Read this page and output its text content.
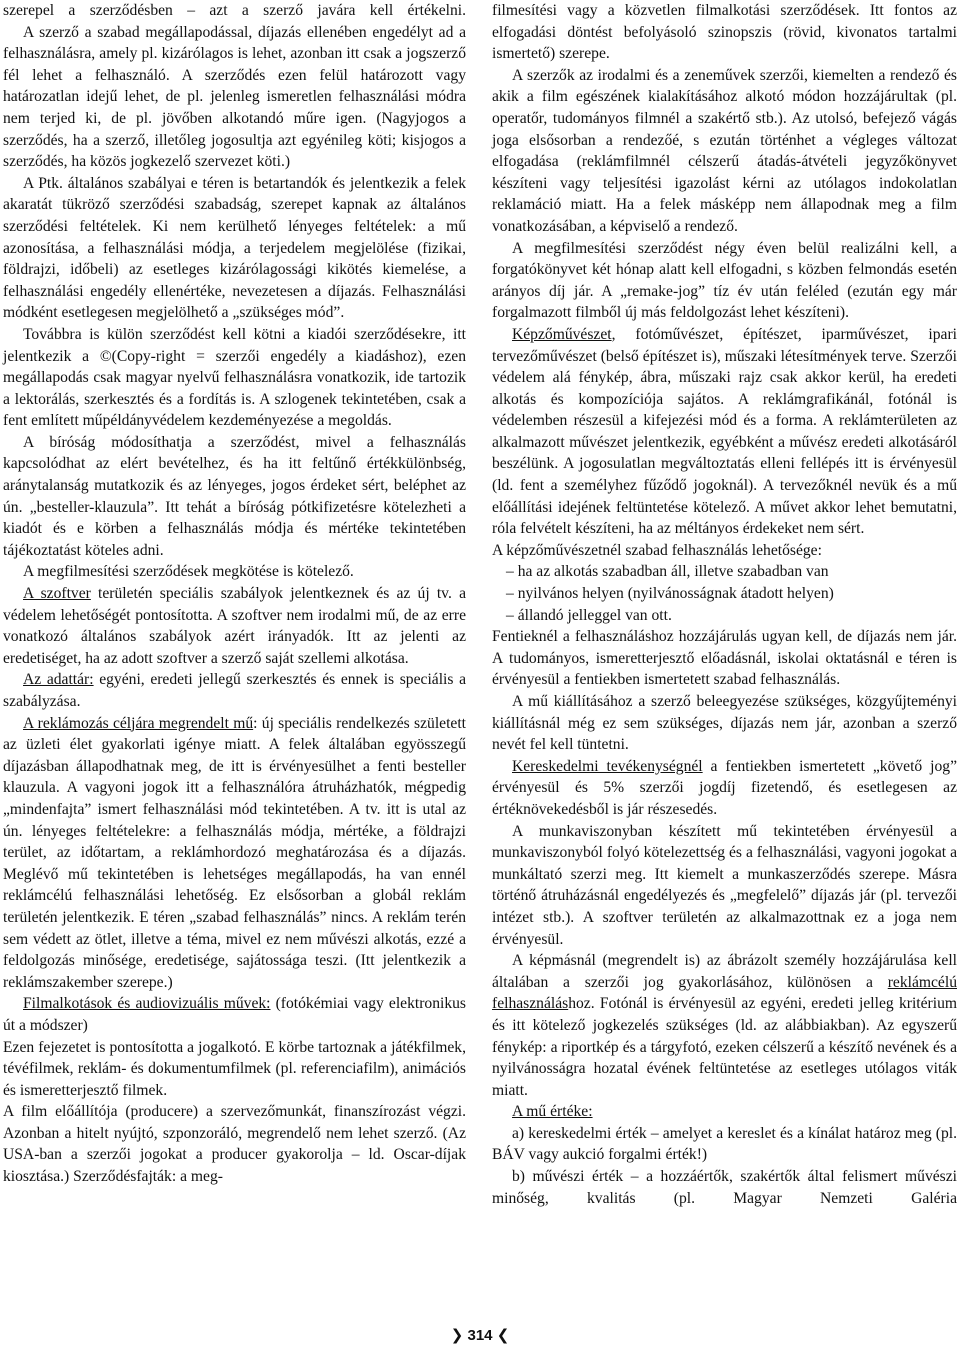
szerepel a szerződésben – azt a szerző javára kell értékelni.

A szerző a szabad megállapodással, díjazás ellenében engedélyt ad a felhasználásra, amely pl. kizárólagos is lehet, azonban itt csak a jogszerző fél lehet a felhasználó. A szerződés ezen felül határozott vagy határozatlan idejű lehet, de pl. jelenleg ismeretlen felhasználási módra nem terjed ki, de pl. jövőben alkotandó műre igen. (Nagyjogos a szerződés, ha a szerző, illetőleg jogosultja azt egyénileg köti; kisjogos a szerződés, ha közös jogkezelő szervezet köti.)

A Ptk. általános szabályai e téren is betartandók és jelentkezik a felek akaratát tükröző szerződési szabadság, szerepet kapnak az általános szerződési feltételek. Ki nem kerülhető lényeges feltételek: a mű azonosítása, a felhasználási módja, a terjedelem megjelölése (fizikai, földrajzi, időbeli) az esetleges kizárólagossági kikötés kiemelése, a felhasználási engedély ellenértéke, nevezetesen a díjazás. Felhasználási módként esetlegesen megjelölhető a „szükséges mód”.

Továbbra is külön szerződést kell kötni a kiadói szerződésekre, itt jelentkezik a ©(Copy-right = szerzői engedély a kiadáshoz), ezen megállapodás csak magyar nyelvű felhasználásra vonatkozik, ide tartozik a lektorálás, szerkesztés és a fordítás is. A szlogenek tekintetében, csak a fent említett műpéldányvédelem kezdeményezése a megoldás.

A bíróság módosíthatja a szerződést, mivel a felhasználás kapcsolódhat az elért bevételhez, és ha itt feltűnő értékkülönbség, aránytalanság mutatkozik és az lényeges, jogos érdeket sért, beléphet az ún. „besteller-klauzula”. Itt tehát a bíróság pótkifizetésre kötelezheti a kiadót és e körben a felhasználás módja és mértéke tekintetében tájékoztatást köteles adni.

A megfilmesítési szerződések megkötése is kötelező.

A szoftver területén speciális szabályok jelentkeznek és az új tv. a védelem lehetőségét pontosította. A szoftver nem irodalmi mű, de az erre vonatkozó általános szabályok azért irányadók. Itt az jelenti az eredetiséget, ha az adott szoftver a szerző saját szellemi alkotása.

Az adattár: egyéni, eredeti jellegű szerkesztés és ennek is speciális a szabályzása.

A reklámozás céljára megrendelt mű: új speciális rendelkezés született az üzleti élet gyakorlati igénye miatt. A felek általában egyösszegű díjazásban állapodhatnak meg, de itt is érvényesülhet a fenti besteller klauzula. A vagyoni jogok itt a felhasználóra átruházhatók, mégpedig „mindenfajta” ismert felhasználási mód tekintetében. A tv. itt is utal az ún. lényeges feltételekre: a felhasználás módja, mértéke, a földrajzi terület, az időtartam, a reklámhordozó meghatározása és a díjazás. Meglévő mű tekintetében is lehetséges megállapodás, ha van ennél reklámcélú felhasználási lehetőség. Ez elsősorban a globál reklám területén jelentkezik. E téren „szabad felhasználás” nincs. A reklám terén sem védett az ötlet, illetve a téma, mivel ez nem művészi alkotás, ezzé a feldolgozás minősége, eredetisége, sajátossága teszi. (Itt jelentkezik a reklámszakember szerepe.)

Filmalkotások és audiovizuális művek: (fotókémiai vagy elektronikus út a módszer)

Ezen fejezetet is pontosította a jogalkotó. E körbe tartoznak a játékfilmek, tévéfilmek, reklám- és dokumentumfilmek (pl. referenciafilm), animációs és ismeretterjesztő filmek.

A film előállítója (producere) a szervezőmunkát, finanszírozást végzi. Azonban a hitelt nyújtó, szponzoráló, megrendelő nem lehet szerző. (Az USA-ban a szerzői jogokat a producer gyakorolja – ld. Oscar-díjak kiosztása.) Szerződésfajták: a meg-

filmesítési vagy a közvetlen filmalkotási szerződések. Itt fontos az elfogadási döntést befolyásoló szinopszis (rövid, kivonatos tartalmi ismertető) szerepe.

A szerzők az irodalmi és a zeneművek szerzői, kiemelten a rendező és akik a film egészének kialakításához alkotó módon hozzájárultak (pl. operatőr, tudományos filmnél a szakértő stb.). Az utolsó, befejező vágás joga elsősorban a rendezőé, s ezután történhet a végleges változat elfogadása (reklámfilmnél célszerű átadás-átvételi jegyzőkönyvet készíteni vagy teljesítési igazolást kérni az utólagos indokolatlan reklamáció miatt. Ha a felek másképp nem állapodnak meg a film vonatkozásában, a képviselő a rendező.

A megfilmesítési szerződést négy éven belül realizálni kell, a forgatókönyvet két hónap alatt kell elfogadni, s közben felmondás esetén arányos díj jár. A „remake-jog” tíz év után feléled (ezután egy már forgalmazott filmből új más feldolgozást lehet készíteni).

Képzőművészet, fotóművészet, építészet, iparművészet, ipari tervezőművészet (belső építészet is), műszaki létesítmények terve. Szerzői védelem alá fénykép, ábra, műszaki rajz csak akkor kerül, ha eredeti alkotás és kompozíciója sajátos. A reklámgrafikánál, fotónál is védelemben részesül a kifejezési mód és a forma. A reklámterületen az alkalmazott művészet jelentkezik, egyébként a művész eredeti alkotásáról beszélünk. A jogosulatlan megváltoztatás elleni fellépés itt is érvényesül (ld. fent a személyhez fűződő jogoknál). A tervezőknél nevük és a mű előállítási idejének feltüntetése kötelező. A művet akkor lehet bemutatni, róla felvételt készíteni, ha az méltányos érdekeket nem sért.

A képzőművészetnél szabad felhasználás lehetősége:

– ha az alkotás szabadban áll, illetve szabadban van
– nyilvános helyen (nyilvánosságnak átadott helyen)
– állandó jelleggel van ott.

Fentieknél a felhasználáshoz hozzájárulás ugyan kell, de díjazás nem jár. A tudományos, ismeretterjesztő előadásnál, iskolai oktatásnál e téren is érvényesül a fentiekben ismertetett szabad felhasználás.

A mű kiállításához a szerző beleegyezése szükséges, közgyűjteményi kiállításnál még ez sem szükséges, díjazás nem jár, azonban a szerző nevét fel kell tüntetni.

Kereskedelmi tevékenységnél a fentiekben ismertetett „követő jog” érvényesül és 5% szerzői jogdíj fizetendő, és esetlegesen az értéknövekedésből is jár részesedés.

A munkaviszonyban készített mű tekintetében érvényesül a munkaviszonyból folyó kötelezettség és a felhasználási, vagyoni jogokat a munkáltató szerzi meg. Itt kiemelt a munkaszerződés szerepe. Másra történő átruházásnál engedélyezés és „megfelelő” díjazás jár (pl. tervezői intézet stb.). A szoftver területén az alkalmazottnak ez a joga nem érvényesül.

A képmásnál (megrendelt is) az ábrázolt személy hozzájárulása kell általában a szerzői jog gyakorlásához, különösen a reklámcélú felhasználáshoz. Fotónál is érvényesül az egyéni, eredeti jelleg kritérium és itt kötelező jogkezelés szükséges (ld. az alábbiakban). Az egyszerű fénykép: a riportkép és a tárgyfotó, ezeken célszerű a készítő nevének és a nyilvánosságra hozatal évének feltüntetése az esetleges utólagos viták miatt.

A mű értéke:

a) kereskedelmi érték – amelyet a kereslet és a kínálat határoz meg (pl. BÁV vagy aukció forgalmi érték!)

b) művészi érték – a hozzáértők, szakértők által felismert művészi minőség, kvalitás (pl. Magyar Nemzeti Galéria

❯ 314 ❮
